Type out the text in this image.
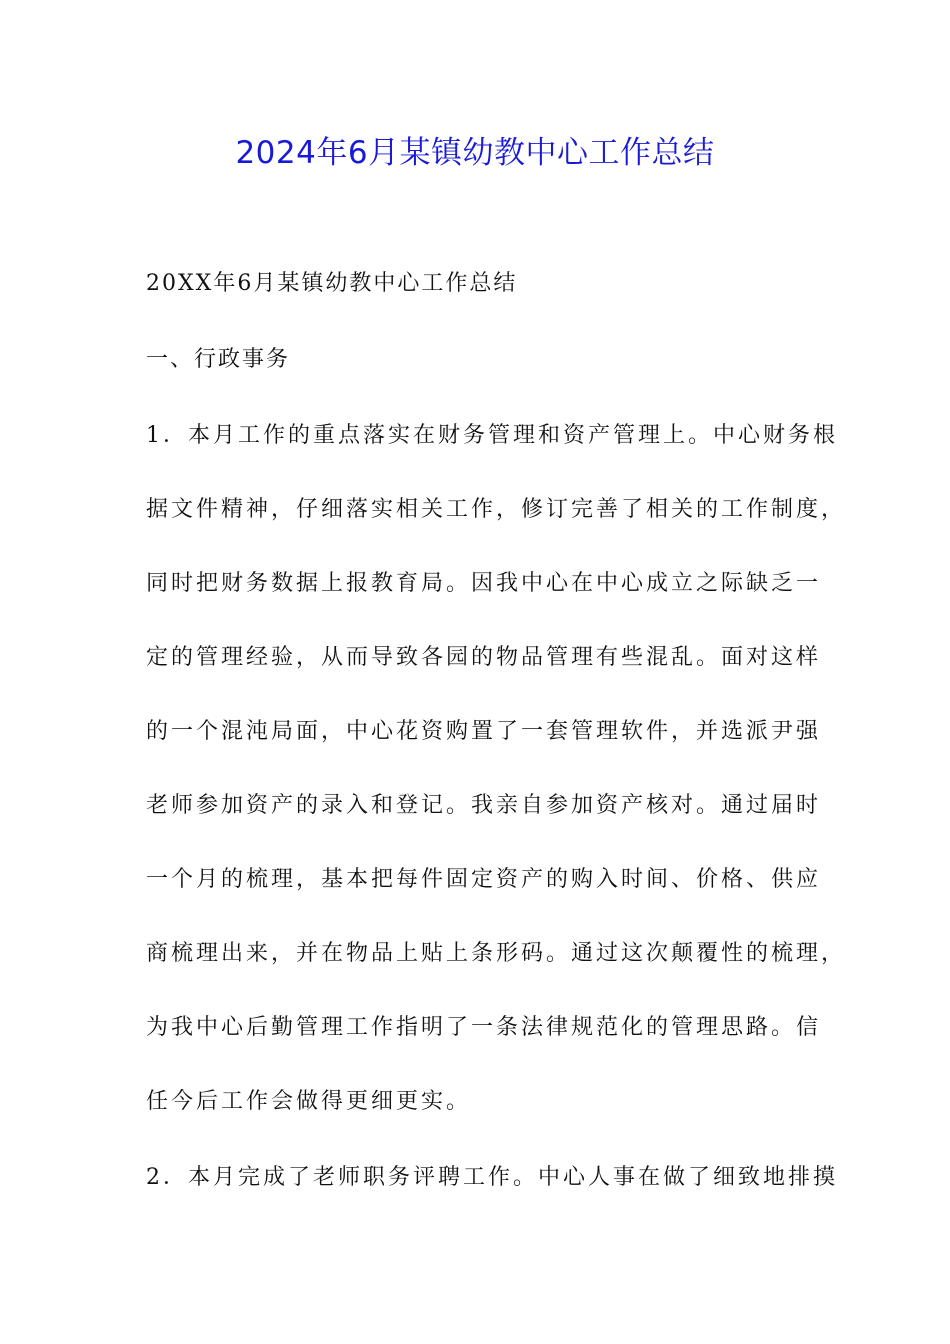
2024年6月某镇幼教中心工作总结
20XX年6月某镇幼教中心工作总结
一、行政事务
1．本月工作的重点落实在财务管理和资产管理上。中心财务根
据文件精神，仔细落实相关工作，修订完善了相关的工作制度，
同时把财务数据上报教育局。因我中心在中心成立之际缺乏一
定的管理经验，从而导致各园的物品管理有些混乱。面对这样
的一个混沌局面，中心花资购置了一套管理软件，并选派尹强
老师参加资产的录入和登记。我亲自参加资产核对。通过届时
一个月的梳理，基本把每件固定资产的购入时间、价格、供应
商梳理出来，并在物品上贴上条形码。通过这次颠覆性的梳理，
为我中心后勤管理工作指明了一条法律规范化的管理思路。信
任今后工作会做得更细更实。
2．本月完成了老师职务评聘工作。中心人事在做了细致地排摸
